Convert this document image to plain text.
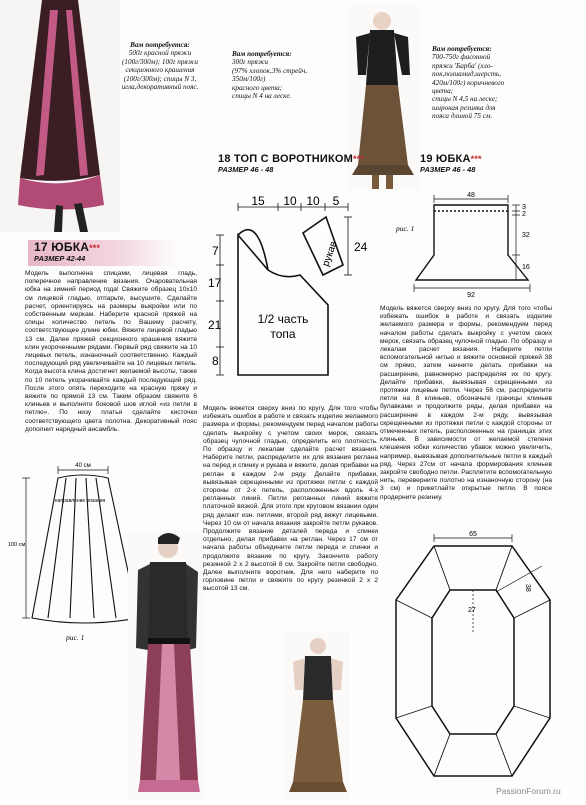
Вам потребуется:
500г красной пряжи
(100г/300м); 100г пряжи
секционного крашения
(100г/300м); спицы N 3,
игла,декоративный пояс.
Вам потребуется:
300г пряжи
(97% хлопок,3% стрейч,
350м/100г)
красного цвета;
спицы N 4 на леске.
Вам потребуется:
700-750г фасонной
пряжи 'Барба' (хло-
пок,полиамид,шерсть,
420м/100г) коричневого
цвета;
спицы N 4,5 на леске;
широкая резинка для
пояса длиной 75 см.
18 ТОП С ВОРОТНИКОМ***
РАЗМЕР 46 - 48
19 ЮБКА***
РАЗМЕР 46 - 48
17 ЮБКА***
РАЗМЕР 42-44
15 10 10 5
7
17
21
8
24
рукав
1/2 часть
топа
48
3
2
32
16
92
рис. 1
Модель выполнена спицами, лицевая гладь, поперечное направление вязания. Очаровательная юбка на зимний период года! Свяжите образец 10х10 см лицевой гладью, отпарьте, высушите. Сделайте расчет, ориентируясь на размеры выкройки или по собственным меркам. Наберите красной пряжей на спицы количество петель по Вашему расчету, соответствующее длине юбки. Вяжите лицевой гладью 13 см. Далее пряжей секционного крашения вяжите клин укороченными рядами. Первый ряд свяжите на 10 лицевых петель, изнаночный соответственно. Каждый последующий ряд увеличивайте на 10 лицевых петель. Когда высота клина достигнет желаемой высоты, также по 10 петель укорачивайте каждый последующий ряд. После этого опять переходите на красную пряжу и вяжите по прямой 13 см. Таким образом свяжите 6 клиньев и выполните боковой шов иглой «из петли в петлю». По низу платья сделайте кисточки соответствующего цвета полотна. Декоративный пояс дополнит нарядный ансамбль.
Модель вяжется сверху вниз по кругу. Для того чтобы избежать ошибок в работе и связать изделие желаемого размера и формы, рекомендуем перед началом работы сделать выкройку с учетом своих мерок, связать образец чулочной гладью, определить его плотность. По образцу и лекалам сделайте расчет вязания. Наберите петли, распределите их для вязания реглана на перед и спинку и рукава и вяжите, делая прибавки на реглан в каждом 2-м ряду. Делайте прибавки, вывязывая скрещенными из протяжки петли с каждой стороны от 2-х петель, расположенных вдоль 4-х регланных линий. Петли регланных линий вяжите платочной вязкой. Для этого при круговом вязании один ряд делают изн. петлями, второй ряд вяжут лицевыми. Через 10 см от начала вязания закройте петли рукавов. Продолжите вязание деталей переда и спинки отдельно, делая прибавки на реглан. Через 17 см от начала работы объедините петли переда и спинки и продолжите вязание по кругу. Закончите работу резинкой 2 х 2 высотой 8 см. Закройте петли свободно. Далее выполните воротник. Для него наберите по горловине петли и свяжите по кругу резинкой 2 х 2 высотой 13 см.
Модель вяжется сверху вниз по кругу. Для того чтобы избежать ошибок в работе и связать изделие желаемого размера и формы, рекомендуем перед началом работы сделать выкройку с учетом своих мерок, связать образец чулочной гладью. По образцу и лекалам расчет вязания. Наберите петли вспомогательной нитью и вяжите основной пряжей 38 см прямо, затем начните делать прибавки на расширение, равномерно распределяя их по кругу. Делайте прибавки, вывязывая скрещенными из протяжки лицевые петли. Через 56 см, распределите петли на 8 клиньев, обозначьте границы клиньев булавками и продолжите ряды, делая прибавки на расширение в каждом 2-м ряду, вывязывая скрещенными из протяжки петли с каждой стороны от отмеченных петель, расположенных на границах этих клиньев. В зависимости от желаемой степени клешения юбки количество убавок можно увеличить, например, вывязывая дополнительные петли в каждый ряд. Через 27см от начала формирования клиньев закройте свободно петли. Расплетите вспомогательную нить, переверните полотно на изнаночную сторону (на 3 см) и прикетлайте открытые петли. В поясе продерните резинку.
40 см
100 см
направление вязания
рис. 1
65
27
38
PassionForum.ru
